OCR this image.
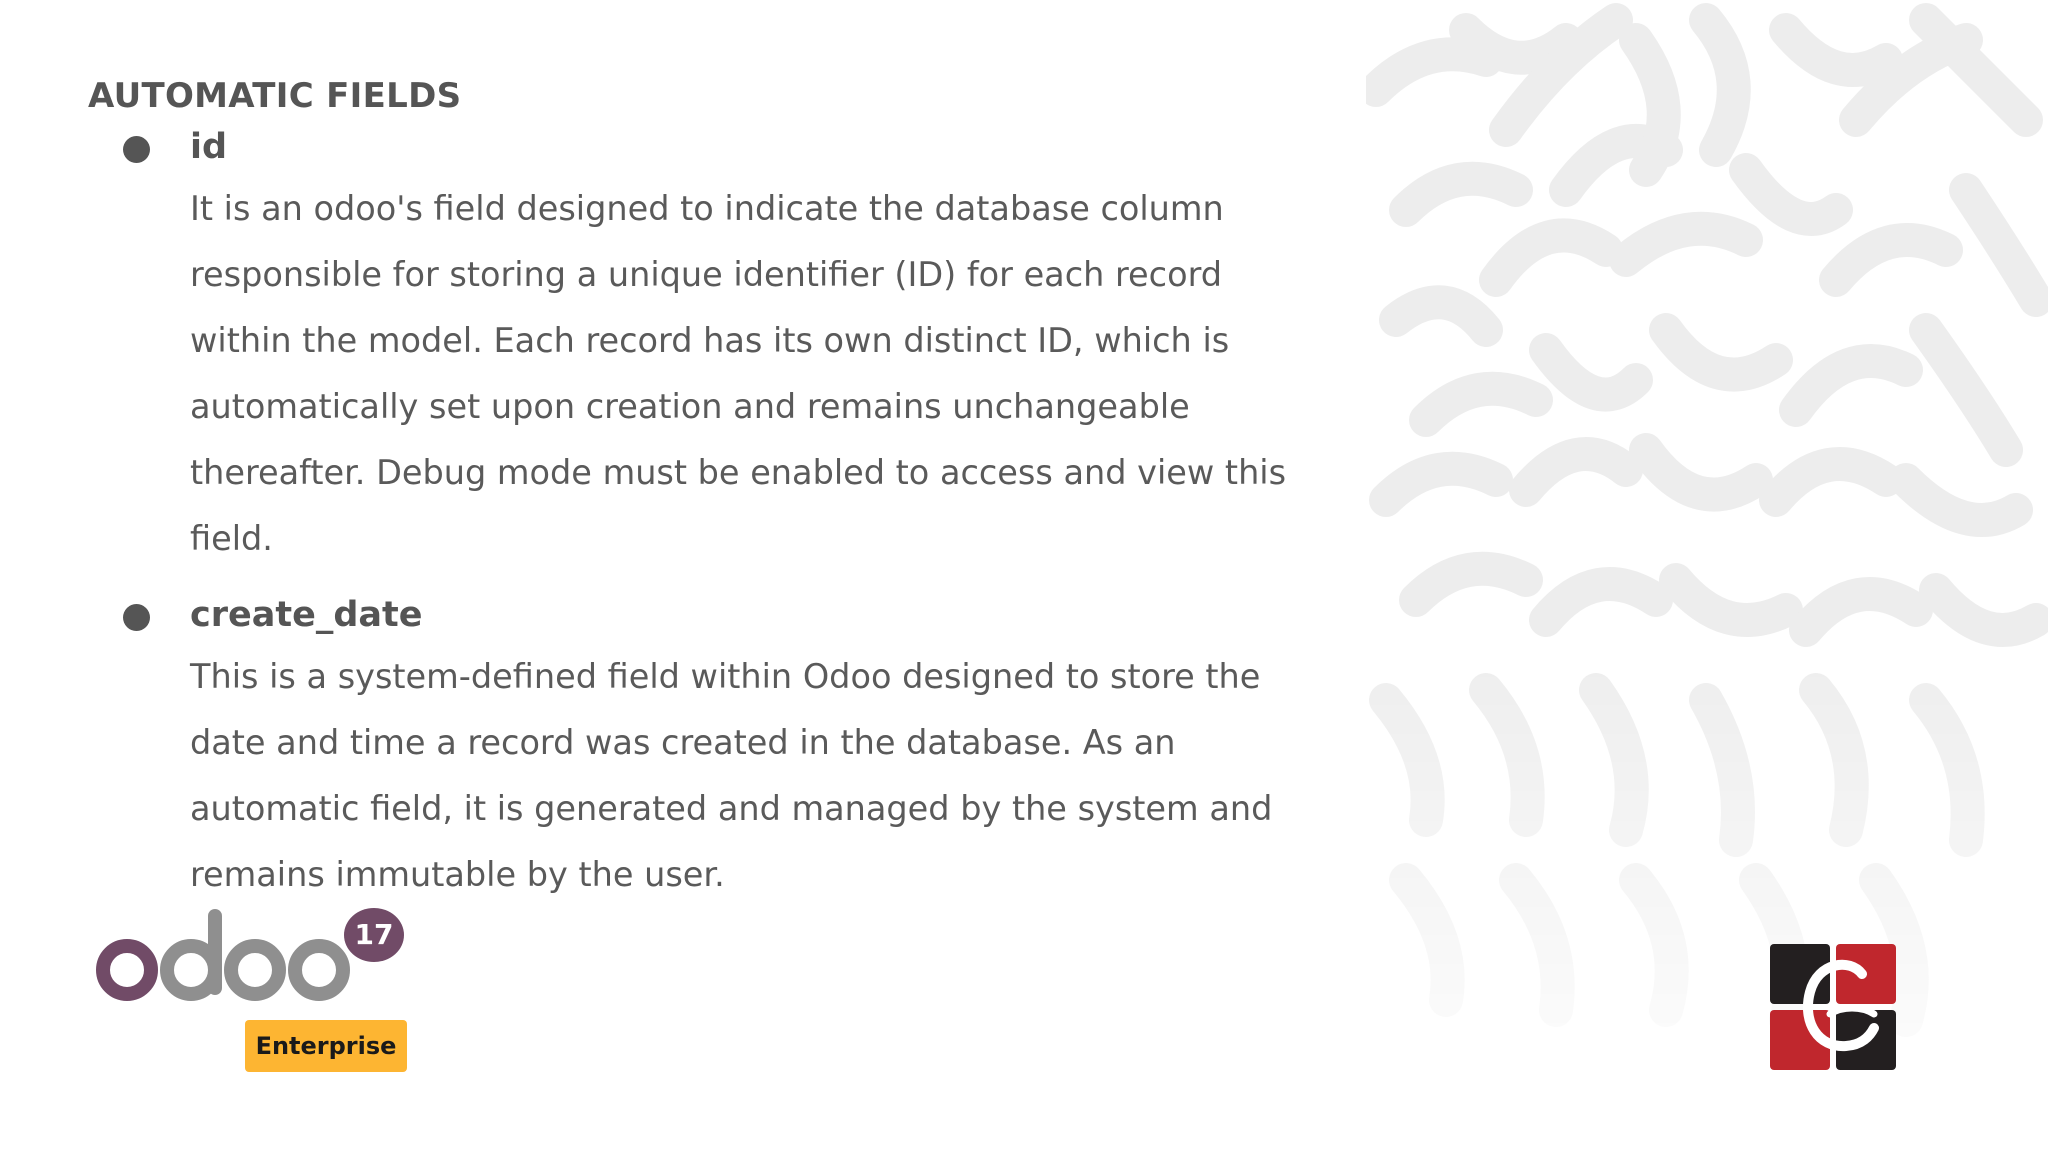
AUTOMATIC FIELDS
id

It is an odoo's field designed to indicate the database column responsible for storing a unique identifier (ID) for each record within the model. Each record has its own distinct ID, which is automatically set upon creation and remains unchangeable thereafter. Debug mode must be enabled to access and view this field.

create_date

This is a system-defined field within Odoo designed to store the date and time a record was created in the database. As an automatic field, it is generated and managed by the system and remains immutable by the user.

17
Enterprise
